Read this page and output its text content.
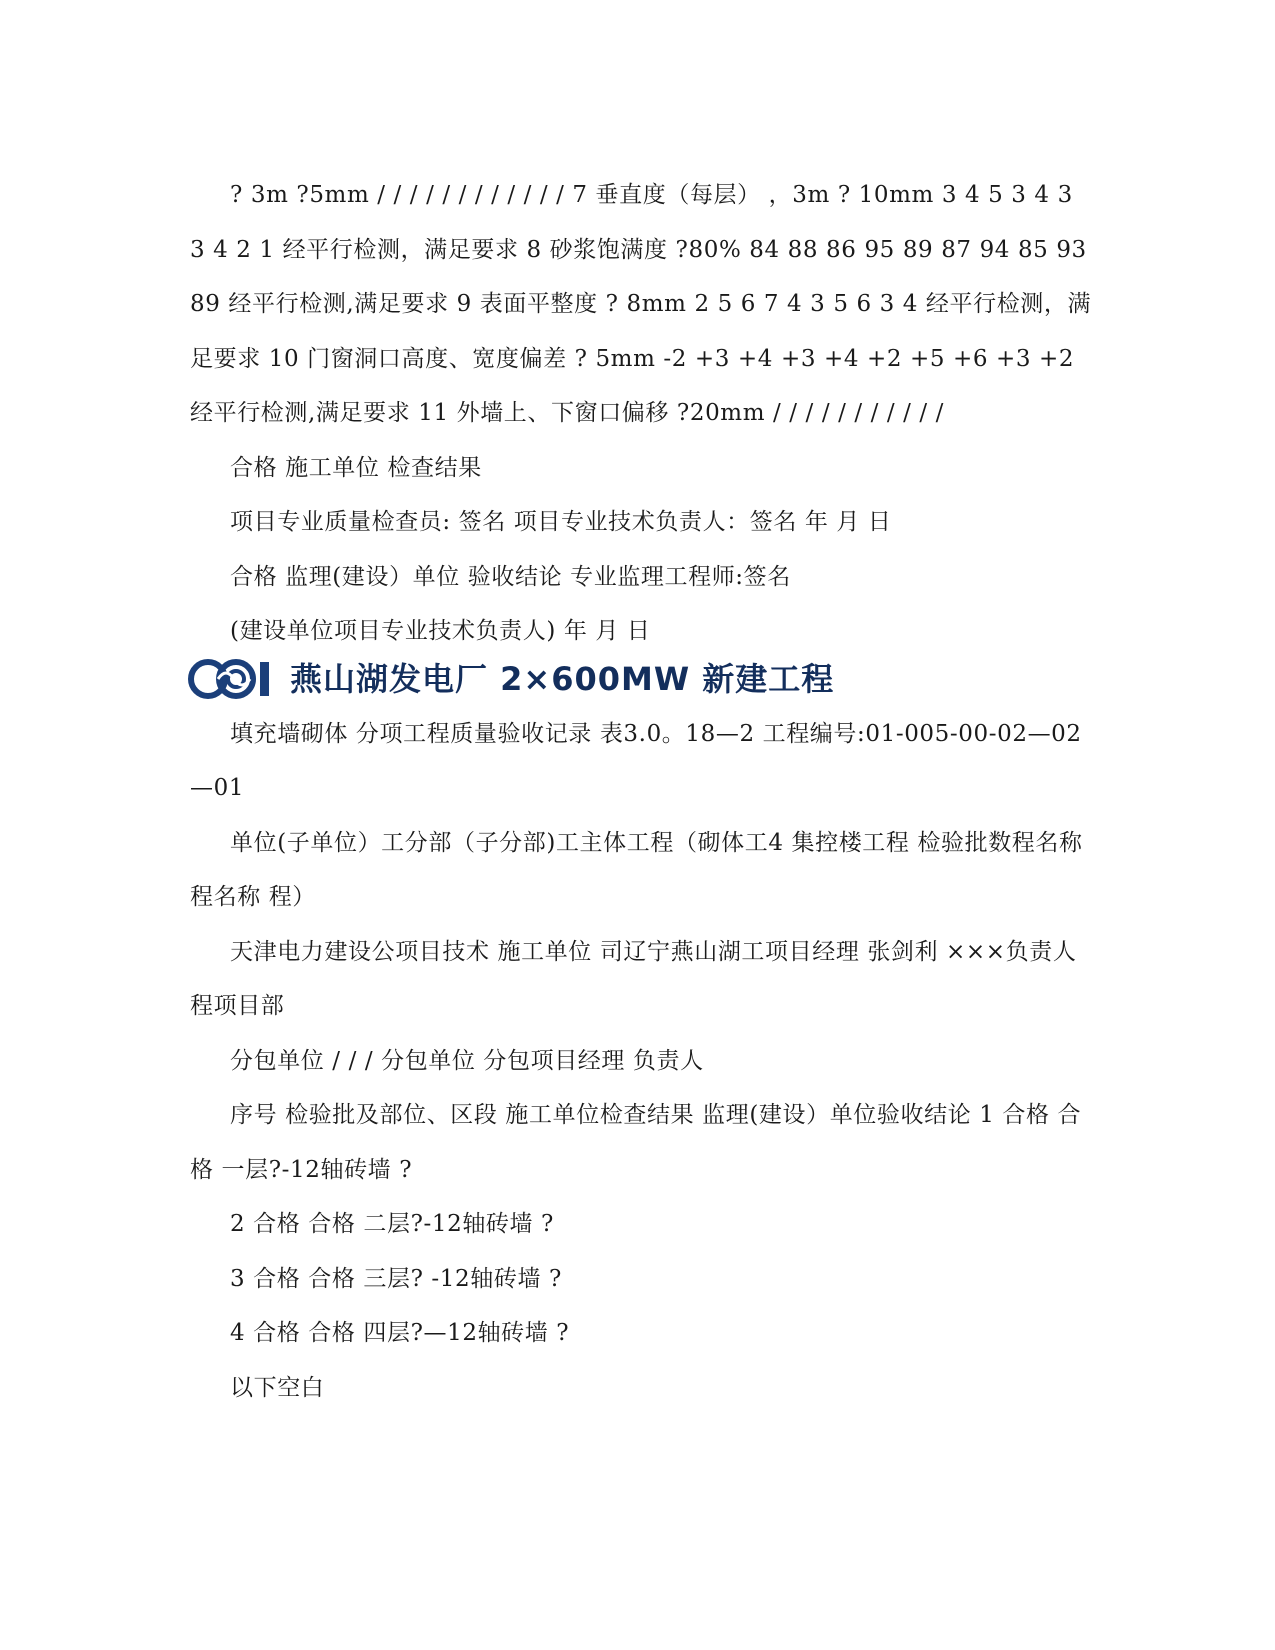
? 3m ?5mm / / / / / / / / / / / / 7 垂直度（每层） ，3m ? 10mm 3 4 5 3 4 3 3 4 2 1 经平行检测，满足要求 8 砂浆饱满度 ?80% 84 88 86 95 89 87 94 85 93 89 经平行检测,满足要求 9 表面平整度 ? 8mm 2 5 6 7 4 3 5 6 3 4 经平行检测，满足要求 10 门窗洞口高度、宽度偏差 ? 5mm -2 +3 +4 +3 +4 +2 +5 +6 +3 +2 经平行检测,满足要求 11 外墙上、下窗口偏移 ?20mm / / / / / / / / / / /

合格 施工单位 检查结果

项目专业质量检查员: 签名 项目专业技术负责人：签名 年 月 日

合格 监理(建设）单位 验收结论 专业监理工程师:签名

(建设单位项目专业技术负责人) 年 月 日

燕山湖发电厂 2×600MW 新建工程

填充墙砌体 分项工程质量验收记录 表3.0。18—2 工程编号:01-005-00-02—02—01

单位(子单位）工分部（子分部)工主体工程（砌体工4 集控楼工程 检验批数程名称 程名称 程）

天津电力建设公项目技术 施工单位 司辽宁燕山湖工项目经理 张剑利 ×××负责人 程项目部

分包单位 / / / 分包单位 分包项目经理 负责人

序号 检验批及部位、区段 施工单位检查结果 监理(建设）单位验收结论 1 合格 合格 一层?-12轴砖墙 ?

2 合格 合格 二层?-12轴砖墙 ?

3 合格 合格 三层? -12轴砖墙 ?

4 合格 合格 四层?—12轴砖墙 ?

以下空白
